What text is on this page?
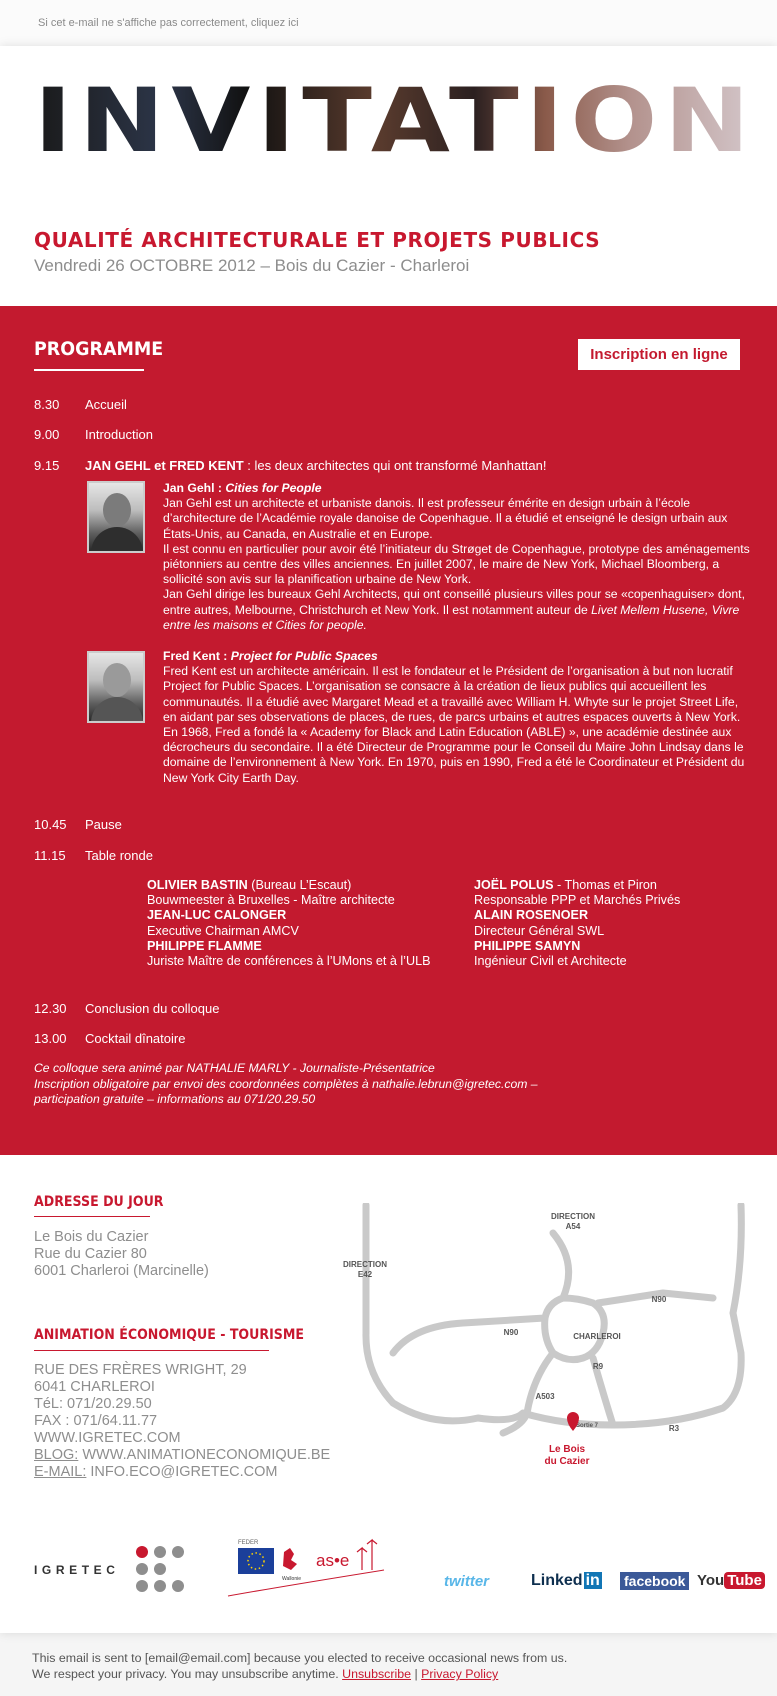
Si cet e-mail ne s'affiche pas correctement, cliquez ici
INVITATION
QUALITÉ ARCHITECTURALE ET PROJETS PUBLICS
Vendredi 26 OCTOBRE 2012 – Bois du Cazier - Charleroi
PROGRAMME	Inscription en ligne
8.30 Accueil
9.00 Introduction
9.15 JAN GEHL et FRED KENT : les deux architectes qui ont transformé Manhattan!
Jan Gehl : Cities for People
Jan Gehl est un architecte et urbaniste danois. Il est professeur émérite en design urbain à l’école d’architecture de l’Académie royale danoise de Copenhague. Il a étudié et enseigné le design urbain aux États-Unis, au Canada, en Australie et en Europe.
Il est connu en particulier pour avoir été l’initiateur du Strøget de Copenhague, prototype des aménagements piétonniers au centre des villes anciennes. En juillet 2007, le maire de New York, Michael Bloomberg, a sollicité son avis sur la planification urbaine de New York.
Jan Gehl dirige les bureaux Gehl Architects, qui ont conseillé plusieurs villes pour se «copenhaguiser» dont, entre autres, Melbourne, Christchurch et New York. Il est notamment auteur de Livet Mellem Husene, Vivre entre les maisons et Cities for people.
Fred Kent : Project for Public Spaces
Fred Kent est un architecte américain. Il est le fondateur et le Président de l’organisation à but non lucratif Project for Public Spaces. L’organisation se consacre à la création de lieux publics qui accueillent les communautés. Il a étudié avec Margaret Mead et a travaillé avec William H. Whyte sur le projet Street Life, en aidant par ses observations de places, de rues, de parcs urbains et autres espaces ouverts à New York.
En 1968, Fred a fondé la « Academy for Black and Latin Education (ABLE) », une académie destinée aux décrocheurs du secondaire. Il a été Directeur de Programme pour le Conseil du Maire John Lindsay dans le domaine de l’environnement à New York. En 1970, puis en 1990, Fred a été le Coordinateur et Président du New York City Earth Day.
10.45 Pause
11.15 Table ronde
OLIVIER BASTIN (Bureau L’Escaut)
Bouwmeester à Bruxelles - Maître architecte
JEAN-LUC CALONGER
Executive Chairman AMCV
PHILIPPE FLAMME
Juriste Maître de conférences à l’UMons et à l’ULB
JOËL POLUS - Thomas et Piron
Responsable PPP et Marchés Privés
ALAIN ROSENOER
Directeur Général SWL
PHILIPPE SAMYN
Ingénieur Civil et Architecte
12.30 Conclusion du colloque
13.00 Cocktail dînatoire
Ce colloque sera animé par NATHALIE MARLY - Journaliste-Présentatrice
Inscription obligatoire par envoi des coordonnées complètes à nathalie.lebrun@igretec.com –
participation gratuite – informations au 071/20.29.50
ADRESSE DU JOUR
Le Bois du Cazier
Rue du Cazier 80
6001 Charleroi (Marcinelle)
ANIMATION ÉCONOMIQUE - TOURISME
RUE DES FRÈRES WRIGHT, 29
6041 CHARLEROI
TéL: 071/20.29.50
FAX : 071/64.11.77
WWW.IGRETEC.COM
BLOG: WWW.ANIMATIONECONOMIQUE.BE
E-MAIL: INFO.ECO@IGRETEC.COM
DIRECTION
A54
DIRECTION
E42
N90
N90	CHARLEROI
R9
A503
R3
Sortie 7
Le Bois
du Cazier
IGRETEC
FEDER
Wallonie
as•e
twitter	Linked in facebook You Tube
This email is sent to [email@email.com] because you elected to receive occasional news from us.
We respect your privacy. You may unsubscribe anytime. Unsubscribe | Privacy Policy
